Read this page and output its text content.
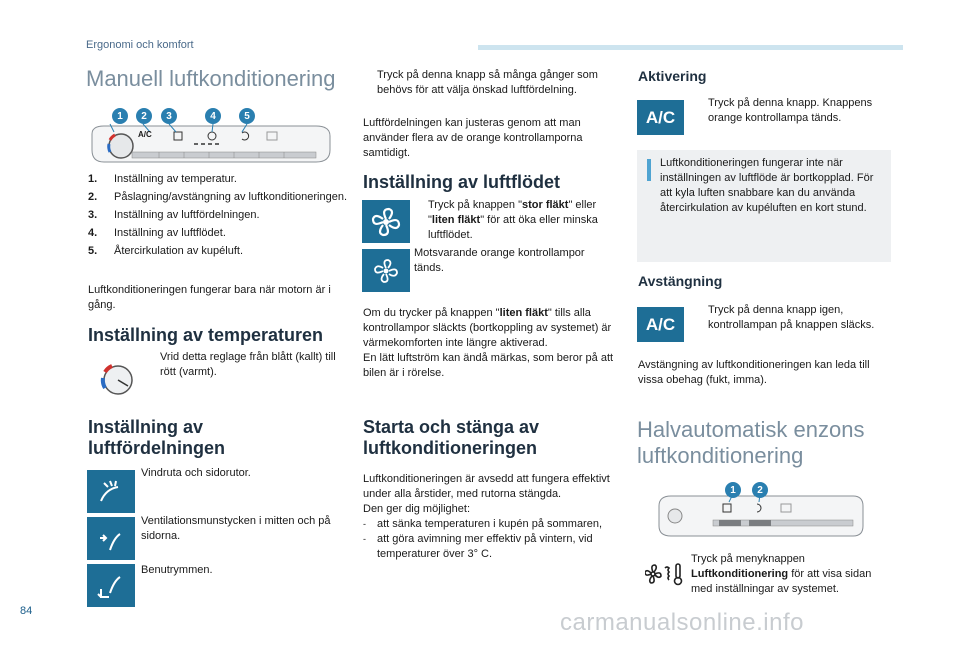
Ergonomi och komfort
Manuell luftkonditionering
1	2	3	4	5
A/C
1.	Inställning av temperatur.
2.	Påslagning/avstängning av luftkonditioneringen.
3.	Inställning av luftfördelningen.
4.	Inställning av luftflödet.
5.	Återcirkulation av kupéluft.
Luftkonditioneringen fungerar bara när motorn är i gång.
Inställning av temperaturen
Vrid detta reglage från blått (kallt) till rött (varmt).
Inställning av
luftfördelningen
Vindruta och sidorutor.
Ventilationsmunstycken i mitten och på sidorna.
Benutrymmen.
Tryck på denna knapp så många gånger som behövs för att välja önskad luftfördelning.
Luftfördelningen kan justeras genom att man använder flera av de orange kontrollamporna samtidigt.
Inställning av luftflödet
Tryck på knappen "stor fläkt" eller "liten fläkt" för att öka eller minska luftflödet.
Motsvarande orange kontrollampor tänds.
Om du trycker på knappen "liten fläkt" tills alla kontrollampor släckts (bortkoppling av systemet) är värmekomforten inte längre aktiverad.
En lätt luftström kan ändå märkas, som beror på att bilen är i rörelse.
Starta och stänga av
luftkonditioneringen
Luftkonditioneringen är avsedd att fungera effektivt under alla årstider, med rutorna stängda.
Den ger dig möjlighet:
-	att sänka temperaturen i kupén på sommaren,
-	att göra avimning mer effektiv på vintern, vid temperaturer över 3° C.
Aktivering
A/C
Tryck på denna knapp. Knappens orange kontrollampa tänds.
Luftkonditioneringen fungerar inte när inställningen av luftflöde är bortkopplad. För att kyla luften snabbare kan du använda återcirkulation av kupéluften en kort stund.
Avstängning
A/C
Tryck på denna knapp igen, kontrollampan på knappen släcks.
Avstängning av luftkonditioneringen kan leda till vissa obehag (fukt, imma).
Halvautomatisk enzons
luftkonditionering
1	2
Tryck på menyknappen Luftkonditionering för att visa sidan med inställningar av systemet.
84	carmanualsonline.info
